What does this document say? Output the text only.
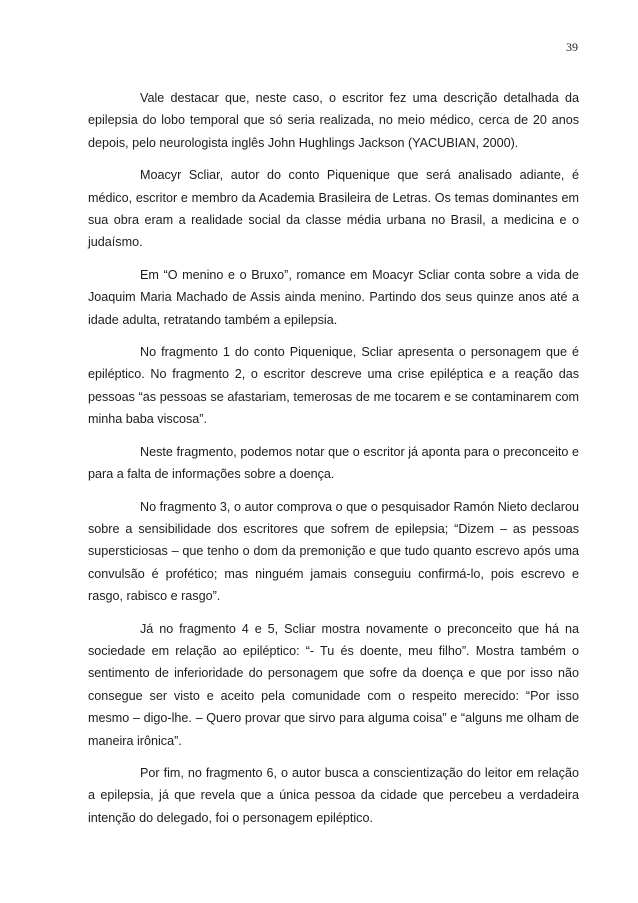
39

Vale destacar que, neste caso, o escritor fez uma descrição detalhada da epilepsia do lobo temporal que só seria realizada, no meio médico, cerca de 20 anos depois, pelo neurologista inglês John Hughlings Jackson (YACUBIAN, 2000).

Moacyr Scliar, autor do conto Piquenique que será analisado adiante, é médico, escritor e membro da Academia Brasileira de Letras. Os temas dominantes em sua obra eram a realidade social da classe média urbana no Brasil, a medicina e o judaísmo.

Em “O menino e o Bruxo”, romance em Moacyr Scliar conta sobre a vida de Joaquim Maria Machado de Assis ainda menino. Partindo dos seus quinze anos até a idade adulta, retratando também a epilepsia.

No fragmento 1 do conto Piquenique, Scliar apresenta o personagem que é epiléptico. No fragmento 2, o escritor descreve uma crise epiléptica e a reação das pessoas “as pessoas se afastariam, temerosas de me tocarem e se contaminarem com minha baba viscosa”.

Neste fragmento, podemos notar que o escritor já aponta para o preconceito e para a falta de informações sobre a doença.

No fragmento 3, o autor comprova o que o pesquisador Ramón Nieto declarou sobre a sensibilidade dos escritores que sofrem de epilepsia; “Dizem – as pessoas supersticiosas – que tenho o dom da premonição e que tudo quanto escrevo após uma convulsão é profético; mas ninguém jamais conseguiu confirmá-lo, pois escrevo e rasgo, rabisco e rasgo”.

Já no fragmento 4 e 5, Scliar mostra novamente o preconceito que há na sociedade em relação ao epiléptico: “- Tu és doente, meu filho”. Mostra também o sentimento de inferioridade do personagem que sofre da doença e que por isso não consegue ser visto e aceito pela comunidade com o respeito merecido: “Por isso mesmo – digo-lhe. – Quero provar que sirvo para alguma coisa” e “alguns me olham de maneira irônica”.

Por fim, no fragmento 6, o autor busca a conscientização do leitor em relação a epilepsia, já que revela que a única pessoa da cidade que percebeu a verdadeira intenção do delegado, foi o personagem epiléptico.
